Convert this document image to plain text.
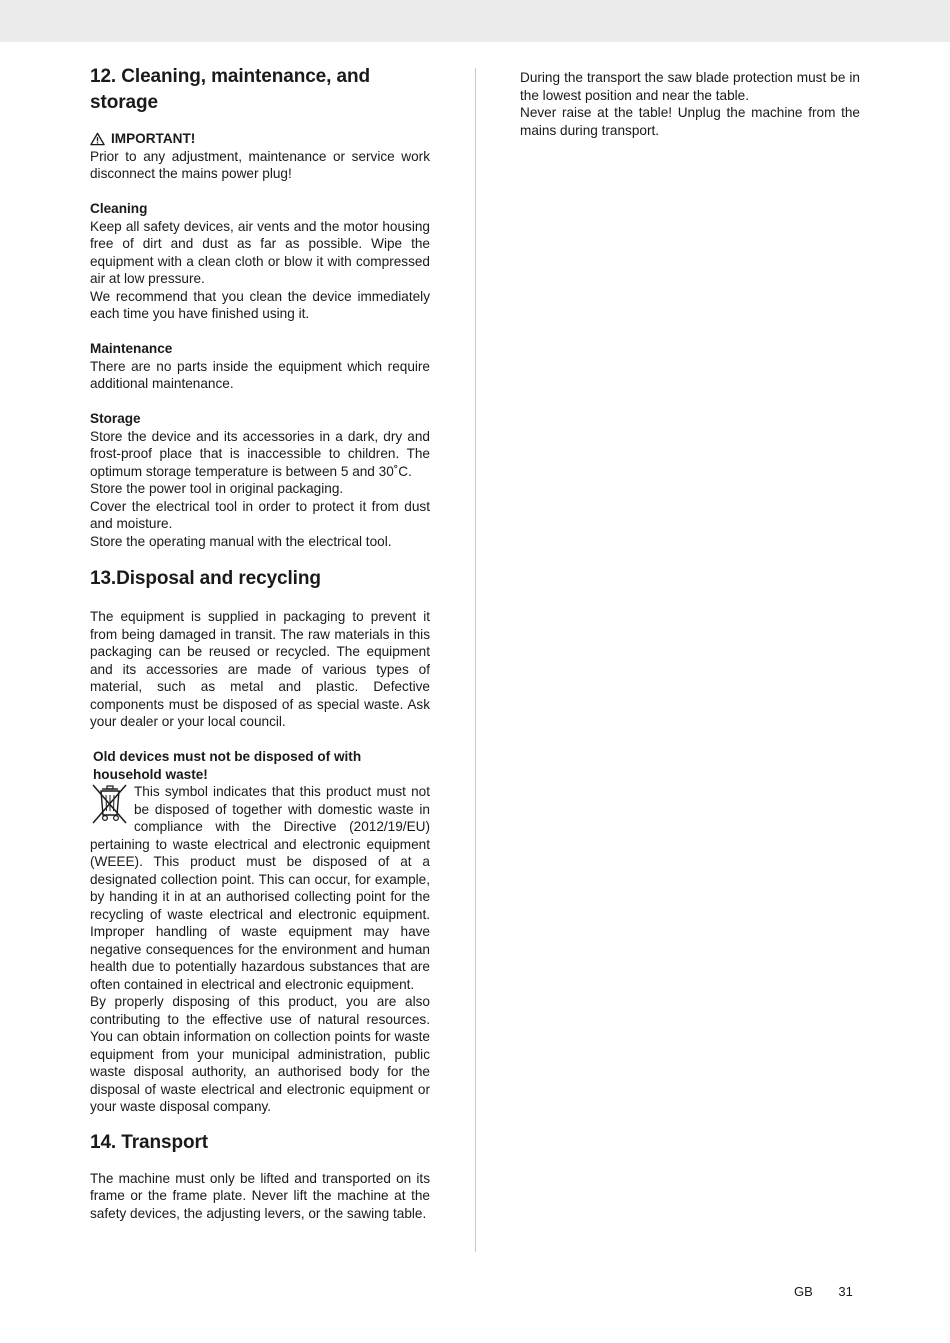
12. Cleaning, maintenance, and storage
IMPORTANT!

Prior to any adjustment, maintenance or service work disconnect the mains power plug!

Cleaning

Keep all safety devices, air vents and the motor housing free of dirt and dust as far as possible. Wipe the equipment with a clean cloth or blow it with compressed air at low pressure.

We recommend that you clean the device immediately each time you have finished using it.

Maintenance

There are no parts inside the equipment which require additional maintenance.

Storage

Store the device and its accessories in a dark, dry and frost-proof place that is inaccessible to children. The optimum storage temperature is between 5 and 30˚C.

Store the power tool in original packaging.

Cover the electrical tool in order to protect it from dust and moisture.

Store the operating manual with the electrical tool.

13.Disposal and recycling

The equipment is supplied in packaging to prevent it from being damaged in transit. The raw materials in this packaging can be reused or recycled. The equipment and its accessories are made of various types of material, such as metal and plastic. Defective components must be disposed of as special waste. Ask your dealer or your local council.

Old devices must not be disposed of with household waste!

This symbol indicates that this product must not be disposed of together with domestic waste in compliance with the Directive (2012/19/EU) pertaining to waste electrical and electronic equipment (WEEE). This product must be disposed of at a designated collection point. This can occur, for example, by handing it in at an authorised collecting point for the recycling of waste electrical and electronic equipment. Improper handling of waste equipment may have negative consequences for the environment and human health due to potentially hazardous substances that are often contained in electrical and electronic equipment.

By properly disposing of this product, you are also contributing to the effective use of natural resources. You can obtain information on collection points for waste equipment from your municipal administration, public waste disposal authority, an authorised body for the disposal of waste electrical and electronic equipment or your waste disposal company.

14. Transport

The machine must only be lifted and transported on its frame or the frame plate. Never lift the machine at the safety devices, the adjusting levers, or the sawing table.

During the transport the saw blade protection must be in the lowest position and near the table.

Never raise at the table! Unplug the machine from the mains during transport.

GB 31
